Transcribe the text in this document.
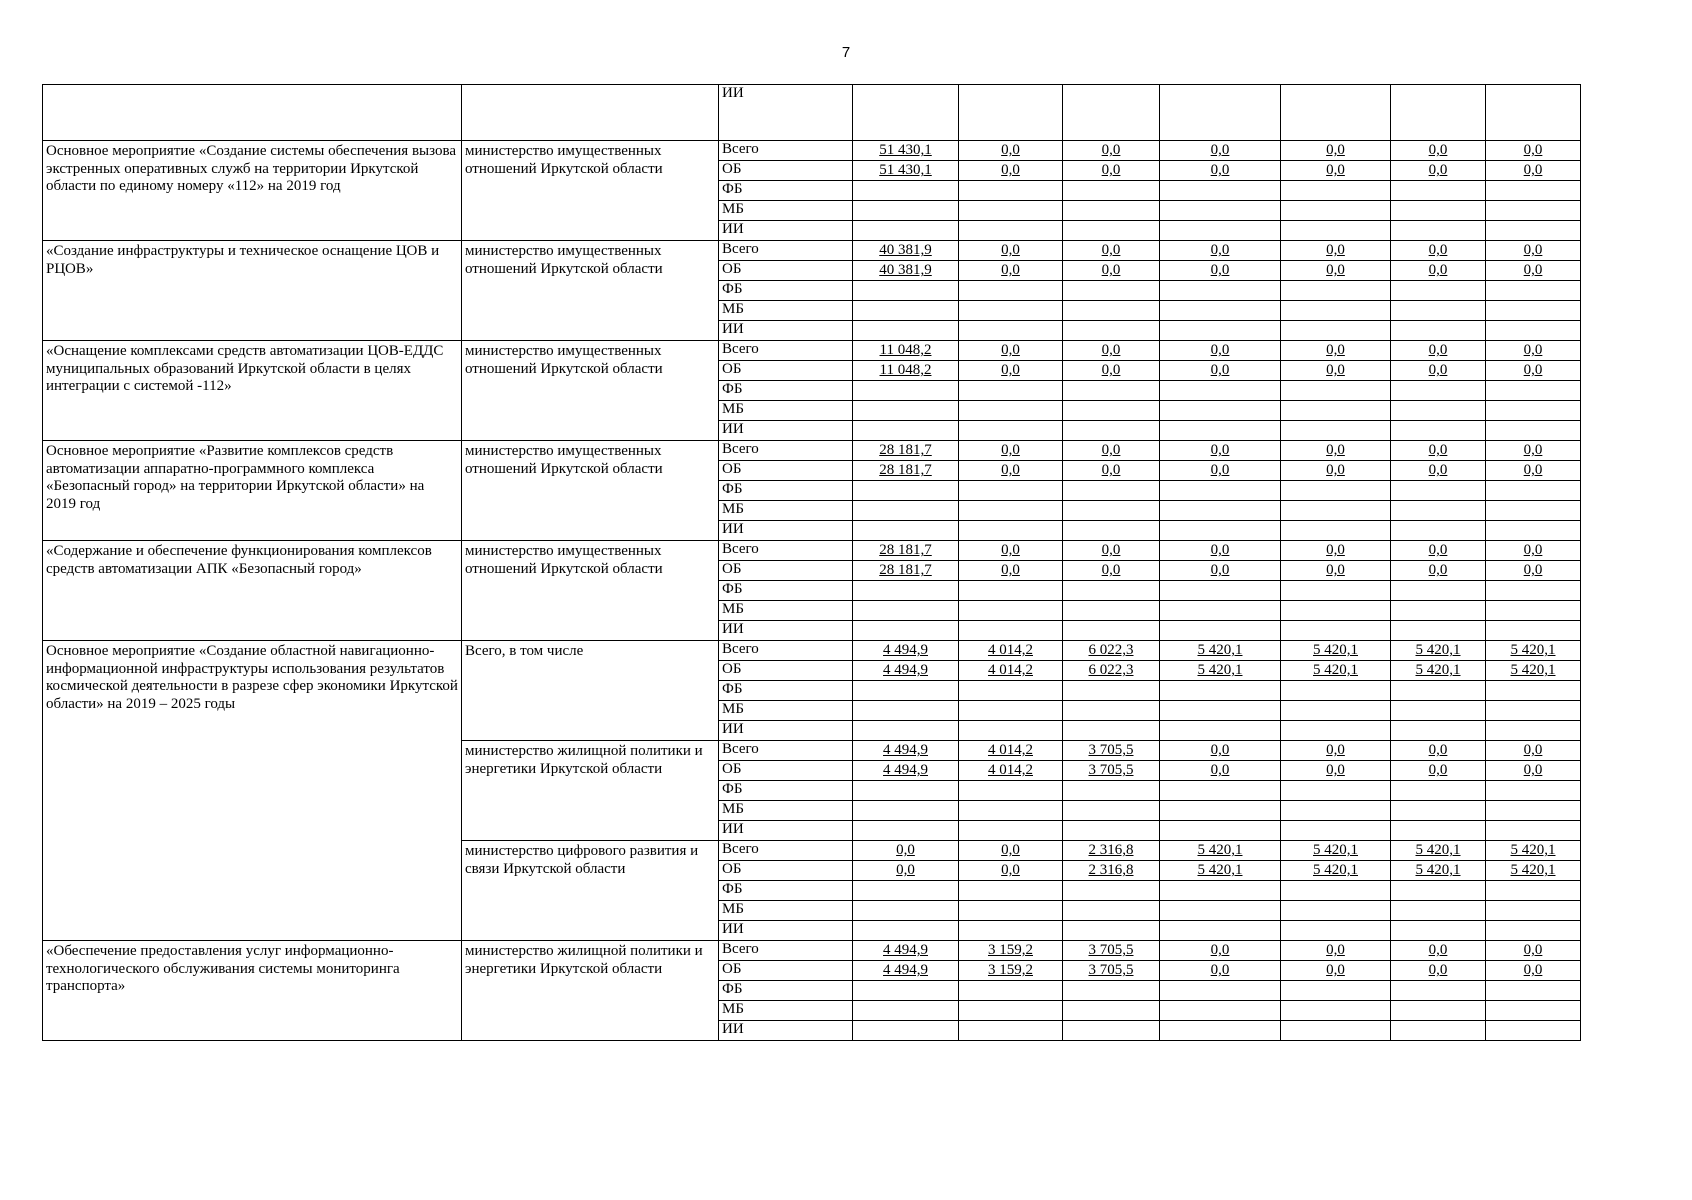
7
		ИИ							
Основное мероприятие «Создание системы обеспечения вызова экстренных оперативных служб на территории Иркутской области по единому номеру «112» на 2019 год	министерство имущественных отношений Иркутской области	Всего	51 430,1	0,0	0,0	0,0	0,0	0,0	0,0
		ОБ	51 430,1	0,0	0,0	0,0	0,0	0,0	0,0
		ФБ							
		МБ							
		ИИ							
«Создание инфраструктуры и техническое оснащение ЦОВ и РЦОВ»	министерство имущественных отношений Иркутской области	Всего	40 381,9	0,0	0,0	0,0	0,0	0,0	0,0
		ОБ	40 381,9	0,0	0,0	0,0	0,0	0,0	0,0
		ФБ							
		МБ							
		ИИ							
«Оснащение комплексами средств автоматизации ЦОВ-ЕДДС муниципальных образований Иркутской области в целях интеграции с системой -112»	министерство имущественных отношений Иркутской области	Всего	11 048,2	0,0	0,0	0,0	0,0	0,0	0,0
		ОБ	11 048,2	0,0	0,0	0,0	0,0	0,0	0,0
		ФБ							
		МБ							
		ИИ							
Основное мероприятие «Развитие комплексов средств автоматизации аппаратно-программного комплекса «Безопасный город» на территории Иркутской области» на 2019 год	министерство имущественных отношений Иркутской области	Всего	28 181,7	0,0	0,0	0,0	0,0	0,0	0,0
		ОБ	28 181,7	0,0	0,0	0,0	0,0	0,0	0,0
		ФБ							
		МБ							
		ИИ							
«Содержание и обеспечение функционирования комплексов средств автоматизации АПК «Безопасный город»	министерство имущественных отношений Иркутской области	Всего	28 181,7	0,0	0,0	0,0	0,0	0,0	0,0
		ОБ	28 181,7	0,0	0,0	0,0	0,0	0,0	0,0
		ФБ							
		МБ							
		ИИ							
Основное мероприятие «Создание областной навигационно-информационной инфраструктуры использования результатов космической деятельности в разрезе сфер экономики Иркутской области» на 2019 – 2025 годы	Всего, в том числе	Всего	4 494,9	4 014,2	6 022,3	5 420,1	5 420,1	5 420,1	5 420,1
		ОБ	4 494,9	4 014,2	6 022,3	5 420,1	5 420,1	5 420,1	5 420,1
		ФБ							
		МБ							
		ИИ							
	министерство жилищной политики и энергетики Иркутской области	Всего	4 494,9	4 014,2	3 705,5	0,0	0,0	0,0	0,0
		ОБ	4 494,9	4 014,2	3 705,5	0,0	0,0	0,0	0,0
		ФБ							
		МБ							
		ИИ							
	министерство цифрового развития и связи Иркутской области	Всего	0,0	0,0	2 316,8	5 420,1	5 420,1	5 420,1	5 420,1
		ОБ	0,0	0,0	2 316,8	5 420,1	5 420,1	5 420,1	5 420,1
		ФБ							
		МБ							
		ИИ							
«Обеспечение предоставления услуг информационно-технологического обслуживания системы мониторинга транспорта»	министерство жилищной политики и энергетики Иркутской области	Всего	4 494,9	3 159,2	3 705,5	0,0	0,0	0,0	0,0
		ОБ	4 494,9	3 159,2	3 705,5	0,0	0,0	0,0	0,0
		ФБ							
		МБ							
		ИИ							
